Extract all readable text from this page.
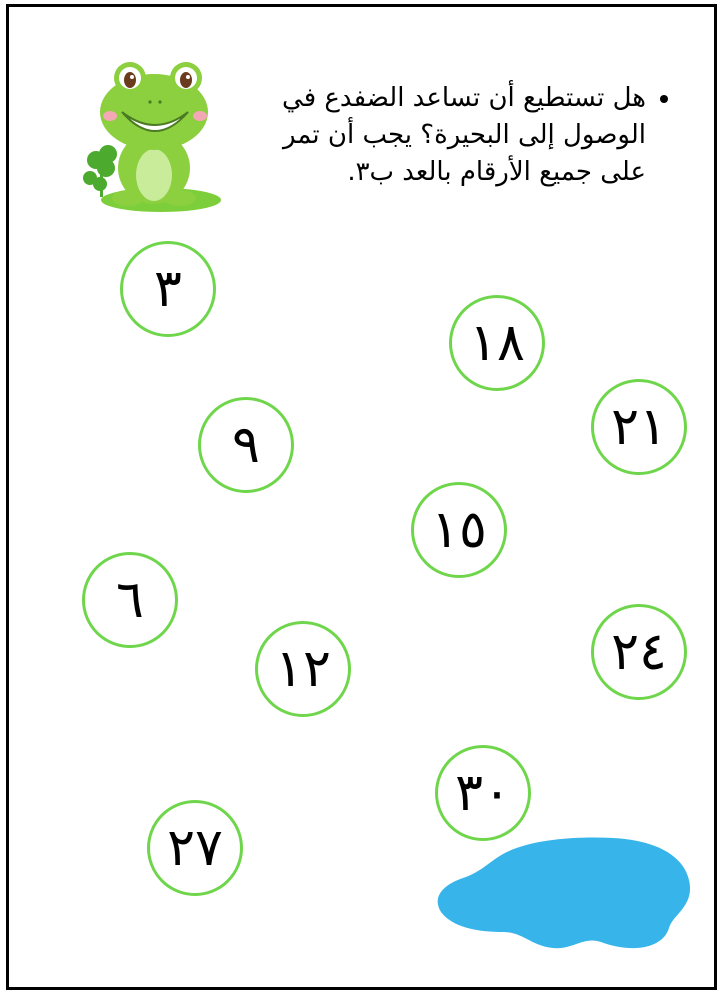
• هل تستطيع أن تساعد الضفدع في الوصول إلى البحيرة؟ يجب أن تمر على جميع الأرقام بالعد ب٣.
٣
١٨
٢١
٩
١٥
٦
١٢	٢٤
٣٠
٢٧
